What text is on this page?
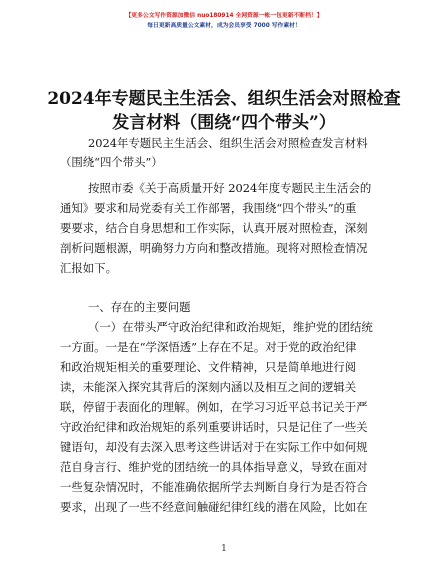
【更多公文写作资源加微信 nuo180914 全网资源一帐一包更新不断档！】
每日更新高质量公文素材，成为会员享受 7000 写作素材！
2024年专题民主生活会、组织生活会对照检查
发言材料（围绕“四个带头”）
2024年专题民主生活会、组织生活会对照检查发言材料
（围绕“四个带头”）
按照市委《关于高质量开好 2024年度专题民主生活会的
通知》要求和局党委有关工作部署，我围绕“四个带头”的重
要要求，结合自身思想和工作实际，认真开展对照检查，深刻
剖析问题根源，明确努力方向和整改措施。现将对照检查情况
汇报如下。
一、存在的主要问题
（一）在带头严守政治纪律和政治规矩，维护党的团结统
一方面。一是在“学深悟透”上存在不足。对于党的政治纪律
和政治规矩相关的重要理论、文件精神，只是简单地进行阅
读，未能深入探究其背后的深刻内涵以及相互之间的逻辑关
联，停留于表面化的理解。例如，在学习习近平总书记关于严
守政治纪律和政治规矩的系列重要讲话时，只是记住了一些关
键语句，却没有去深入思考这些讲话对于在实际工作中如何规
范自身言行、维护党的团结统一的具体指导意义，导致在面对
一些复杂情况时，不能准确依据所学去判断自身行为是否符合
要求，出现了一些不经意间触碰纪律红线的潜在风险，比如在
1
